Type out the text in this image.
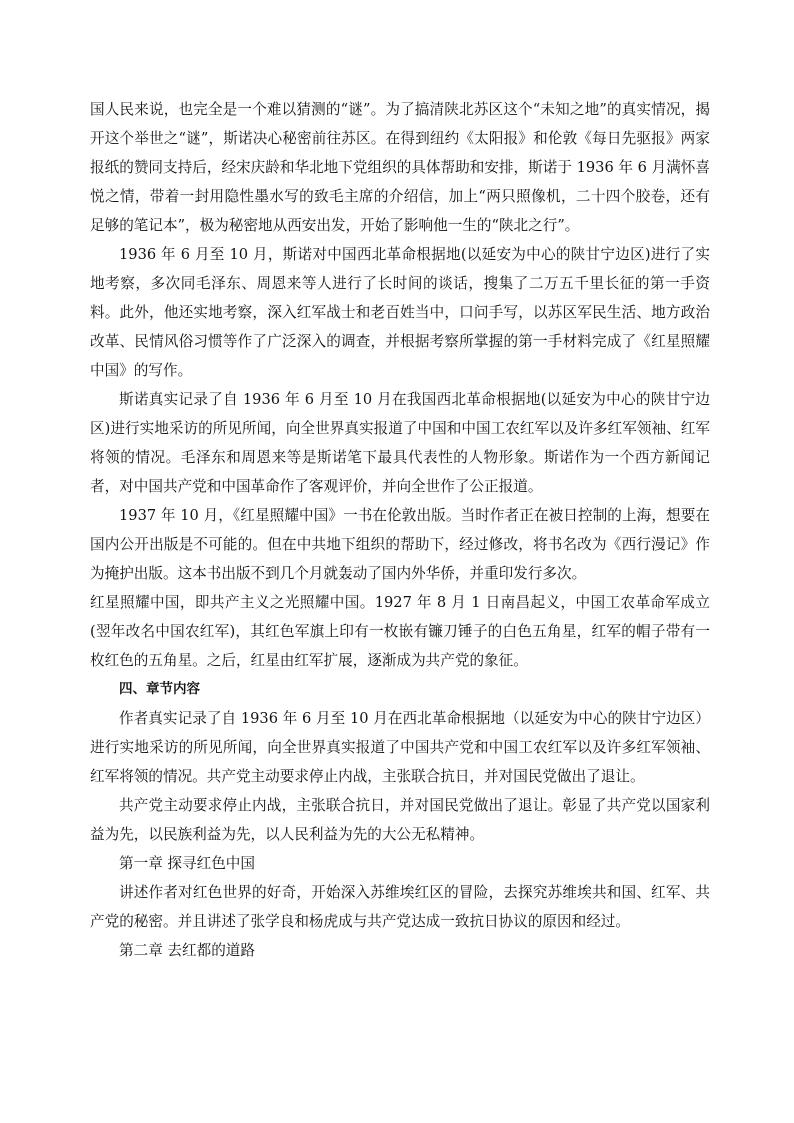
国人民来说，也完全是一个难以猜测的“谜”。为了搞清陕北苏区这个“未知之地”的真实情况，揭开这个举世之“谜”，斯诺决心秘密前往苏区。在得到纽约《太阳报》和伦敦《每日先驱报》两家报纸的赞同支持后，经宋庆龄和华北地下党组织的具体帮助和安排，斯诺于 1936 年 6 月满怀喜悦之情，带着一封用隐性墨水写的致毛主席的介绍信，加上“两只照像机，二十四个胶卷，还有足够的笔记本”，极为秘密地从西安出发，开始了影响他一生的“陕北之行”。

1936 年 6 月至 10 月，斯诺对中国西北革命根据地(以延安为中心的陕甘宁边区)进行了实地考察，多次同毛泽东、周恩来等人进行了长时间的谈话，搜集了二万五千里长征的第一手资料。此外，他还实地考察，深入红军战士和老百姓当中，口问手写，以苏区军民生活、地方政治改革、民情风俗习惯等作了广泛深入的调查，并根据考察所掌握的第一手材料完成了《红星照耀中国》的写作。

斯诺真实记录了自 1936 年 6 月至 10 月在我国西北革命根据地(以延安为中心的陕甘宁边区)进行实地采访的所见所闻，向全世界真实报道了中国和中国工农红军以及许多红军领袖、红军将领的情况。毛泽东和周恩来等是斯诺笔下最具代表性的人物形象。斯诺作为一个西方新闻记者，对中国共产党和中国革命作了客观评价，并向全世作了公正报道。

1937 年 10 月，《红星照耀中国》一书在伦敦出版。当时作者正在被日控制的上海，想要在国内公开出版是不可能的。但在中共地下组织的帮助下，经过修改，将书名改为《西行漫记》作为掩护出版。这本书出版不到几个月就轰动了国内外华侨，并重印发行多次。

红星照耀中国，即共产主义之光照耀中国。1927 年 8 月 1 日南昌起义，中国工农革命军成立(翌年改名中国农红军)，其红色军旗上印有一枚嵌有镰刀锤子的白色五角星，红军的帽子带有一枚红色的五角星。之后，红星由红军扩展，逐渐成为共产党的象征。

四、章节内容

作者真实记录了自 1936 年 6 月至 10 月在西北革命根据地（以延安为中心的陕甘宁边区）进行实地采访的所见所闻，向全世界真实报道了中国共产党和中国工农红军以及许多红军领袖、红军将领的情况。共产党主动要求停止内战，主张联合抗日，并对国民党做出了退让。

共产党主动要求停止内战，主张联合抗日，并对国民党做出了退让。彰显了共产党以国家利益为先，以民族利益为先，以人民利益为先的大公无私精神。

第一章 探寻红色中国

讲述作者对红色世界的好奇，开始深入苏维埃红区的冒险，去探究苏维埃共和国、红军、共产党的秘密。并且讲述了张学良和杨虎成与共产党达成一致抗日协议的原因和经过。

第二章 去红都的道路
